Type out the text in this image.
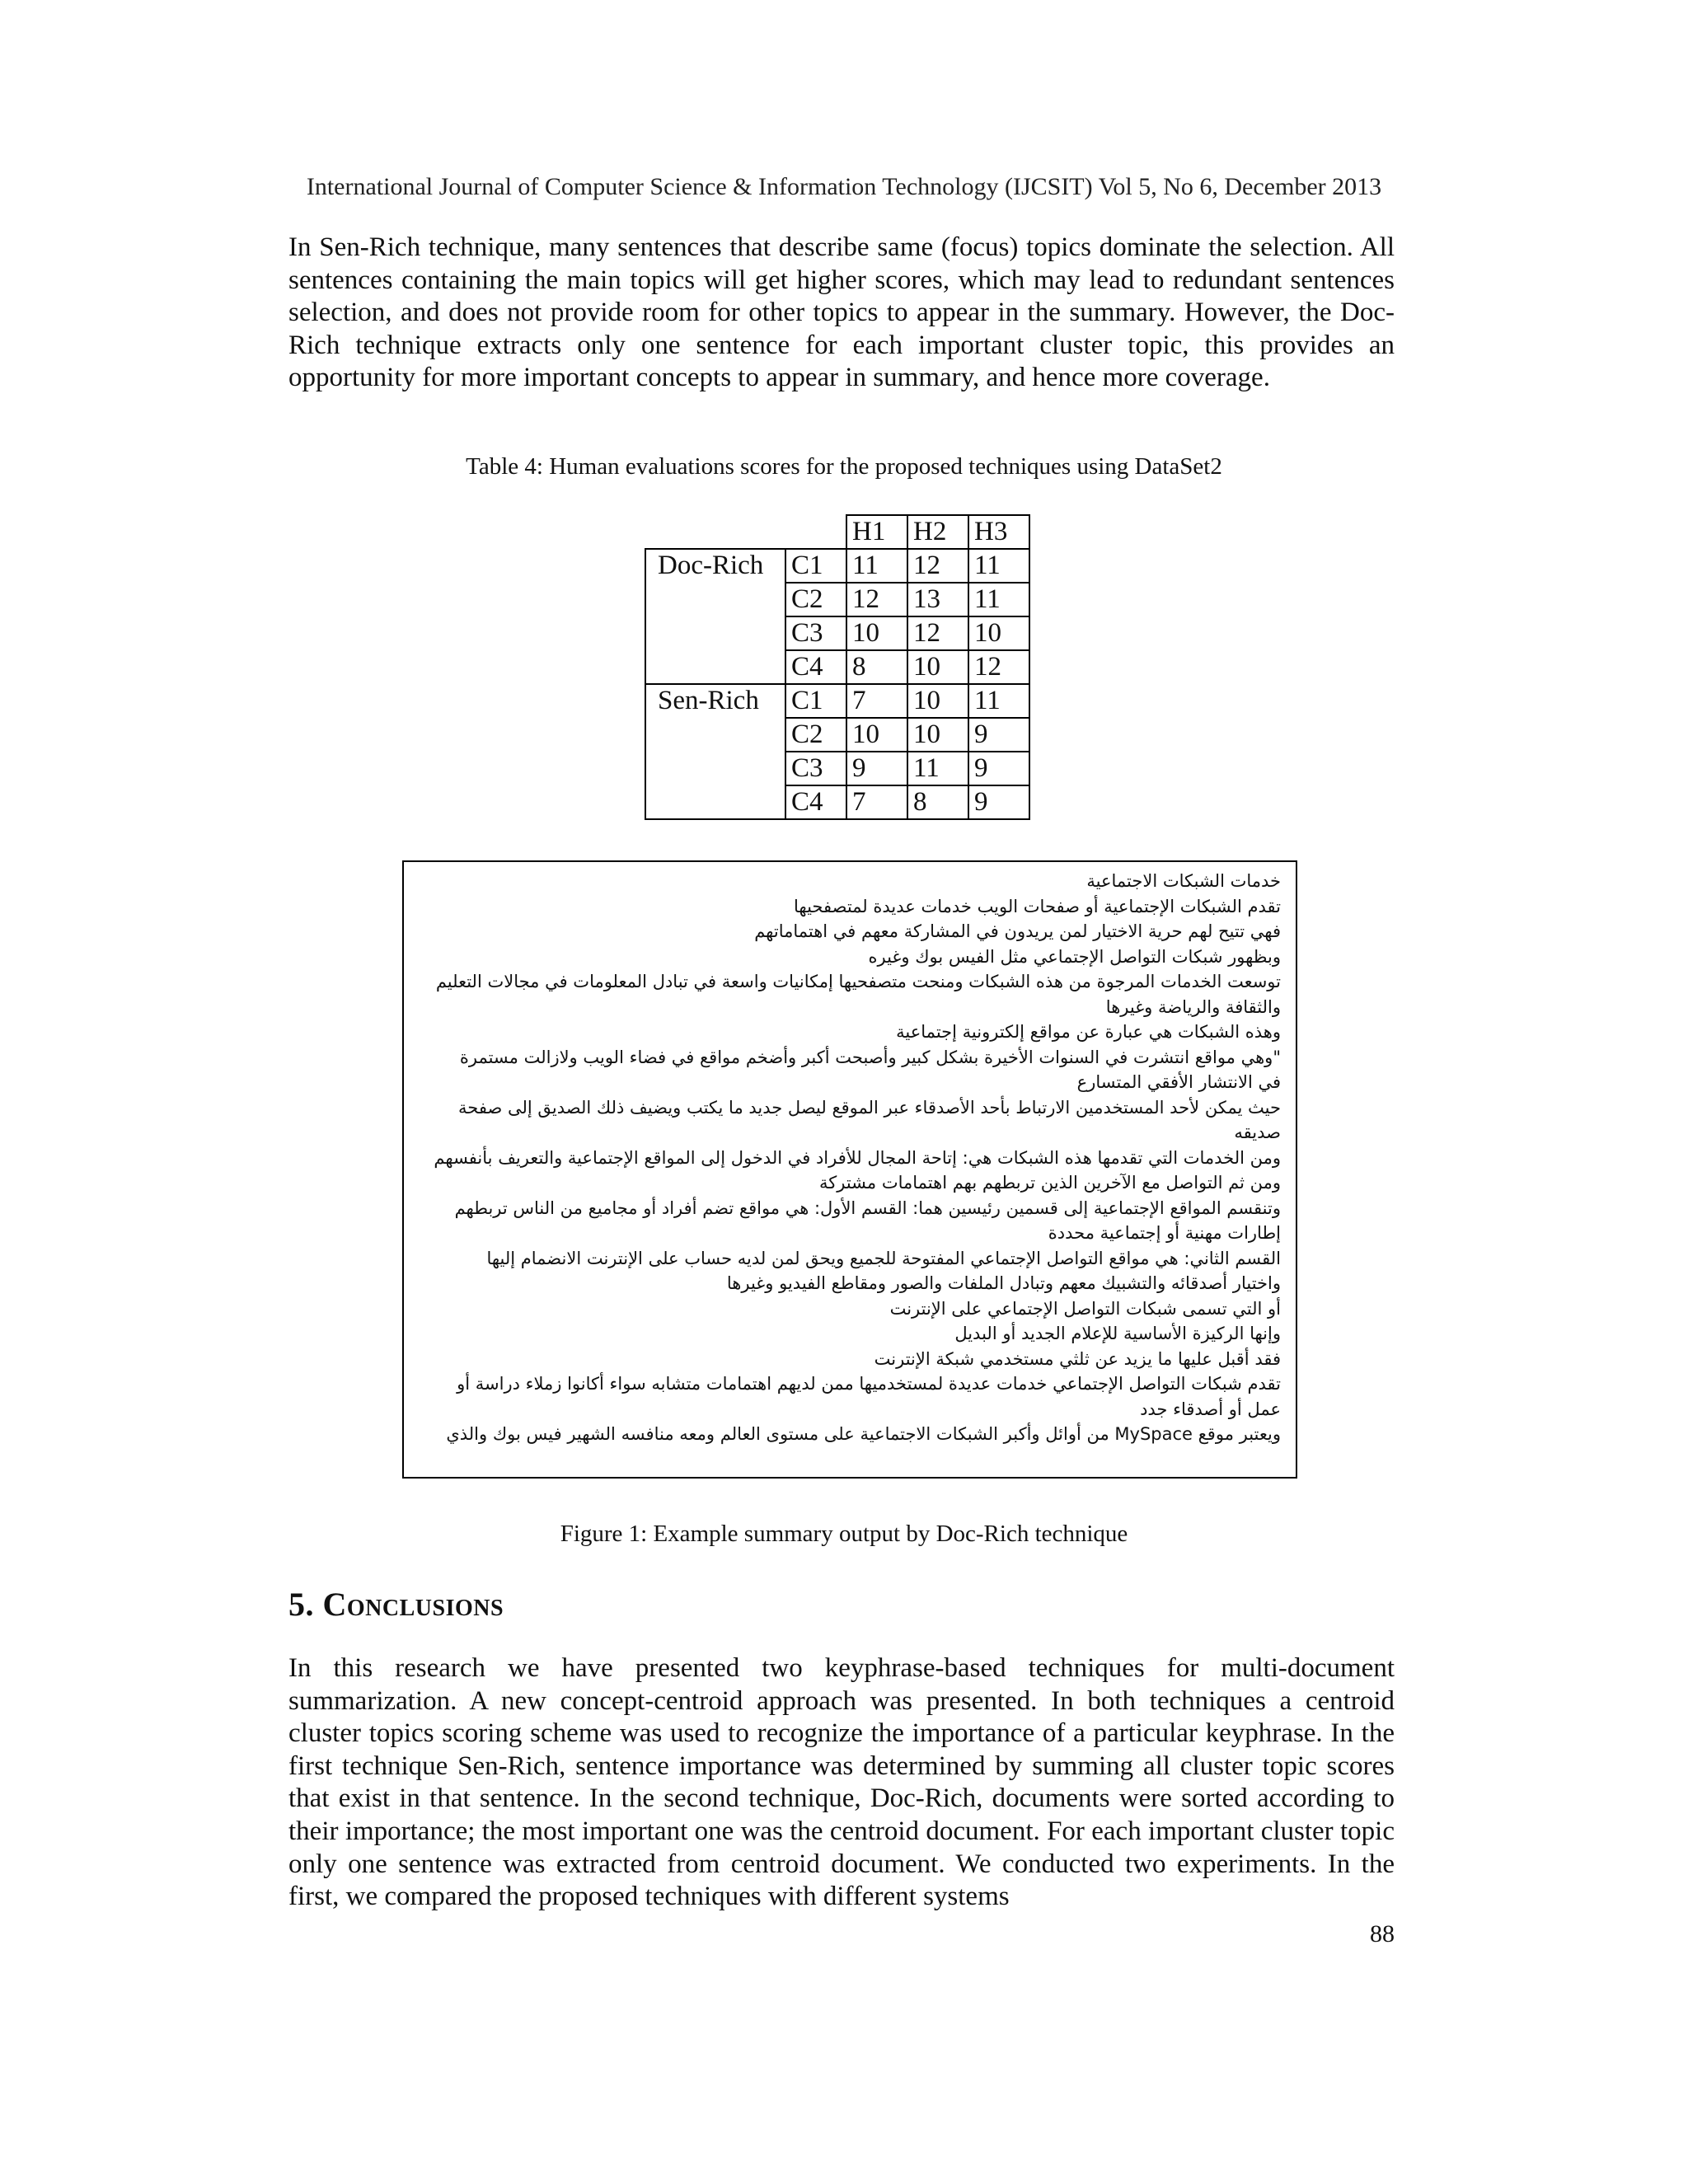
International Journal of Computer Science & Information Technology (IJCSIT) Vol 5, No 6, December 2013
In Sen-Rich technique, many sentences that describe same (focus) topics dominate the selection. All sentences containing the main topics will get higher scores, which may lead to redundant sentences selection, and does not provide room for other topics to appear in the summary. However, the Doc-Rich technique extracts only one sentence for each important cluster topic, this provides an opportunity for more important concepts to appear in summary, and hence more coverage.
Table 4: Human evaluations scores for the proposed techniques using DataSet2
		H1	H2	H3
Doc-Rich	C1	11	12	11
	C2	12	13	11
	C3	10	12	10
	C4	8	10	12
Sen-Rich	C1	7	10	11
	C2	10	10	9
	C3	9	11	9
	C4	7	8	9
خدمات الشبكات الاجتماعية
تقدم الشبكات الإجتماعية أو صفحات الويب خدمات عديدة لمتصفحيها
فهي تتيح لهم حرية الاختيار لمن يريدون في المشاركة معهم في اهتماماتهم
وبظهور شبكات التواصل الإجتماعي مثل الفيس بوك وغيره
توسعت الخدمات المرجوة من هذه الشبكات ومنحت متصفحيها إمكانيات واسعة في تبادل المعلومات في مجالات التعليم
والثقافة والرياضة وغيرها
وهذه الشبكات هي عبارة عن مواقع إلكترونية إجتماعية
"وهي مواقع انتشرت في السنوات الأخيرة بشكل كبير وأصبحت أكبر وأضخم مواقع في فضاء الويب ولازالت مستمرة
في الانتشار الأفقي المتسارع
حيث يمكن لأحد المستخدمين الارتباط بأحد الأصدقاء عبر الموقع ليصل جديد ما يكتب ويضيف ذلك الصديق إلى صفحة
صديقه
ومن الخدمات التي تقدمها هذه الشبكات هي: إتاحة المجال للأفراد في الدخول إلى المواقع الإجتماعية والتعريف بأنفسهم
ومن ثم التواصل مع الآخرين الذين تربطهم بهم اهتمامات مشتركة
وتنقسم المواقع الإجتماعية إلى قسمين رئيسين هما: القسم الأول: هي مواقع تضم أفراد أو مجاميع من الناس تربطهم
إطارات مهنية أو إجتماعية محددة
القسم الثاني: هي مواقع التواصل الإجتماعي المفتوحة للجميع ويحق لمن لديه حساب على الإنترنت الانضمام إليها
واختيار أصدقائه والتشبيك معهم وتبادل الملفات والصور ومقاطع الفيديو وغيرها
أو التي تسمى شبكات التواصل الإجتماعي على الإنترنت
وإنها الركيزة الأساسية للإعلام الجديد أو البديل
فقد أقبل عليها ما يزيد عن ثلثي مستخدمي شبكة الإنترنت
تقدم شبكات التواصل الإجتماعي خدمات عديدة لمستخدميها ممن لديهم اهتمامات متشابه سواء أكانوا زملاء دراسة أو
عمل أو أصدقاء جدد
ويعتبر موقع MySpace من أوائل وأكبر الشبكات الاجتماعية على مستوى العالم ومعه منافسه الشهير فيس بوك والذي
Figure 1: Example summary output by Doc-Rich technique
5. Conclusions
In this research we have presented two keyphrase-based techniques for multi-document summarization. A new concept-centroid approach was presented. In both techniques a centroid cluster topics scoring scheme was used to recognize the importance of a particular keyphrase. In the first technique Sen-Rich, sentence importance was determined by summing all cluster topic scores that exist in that sentence. In the second technique, Doc-Rich, documents were sorted according to their importance; the most important one was the centroid document. For each important cluster topic only one sentence was extracted from centroid document. We conducted two experiments. In the first, we compared the proposed techniques with different systems
88
